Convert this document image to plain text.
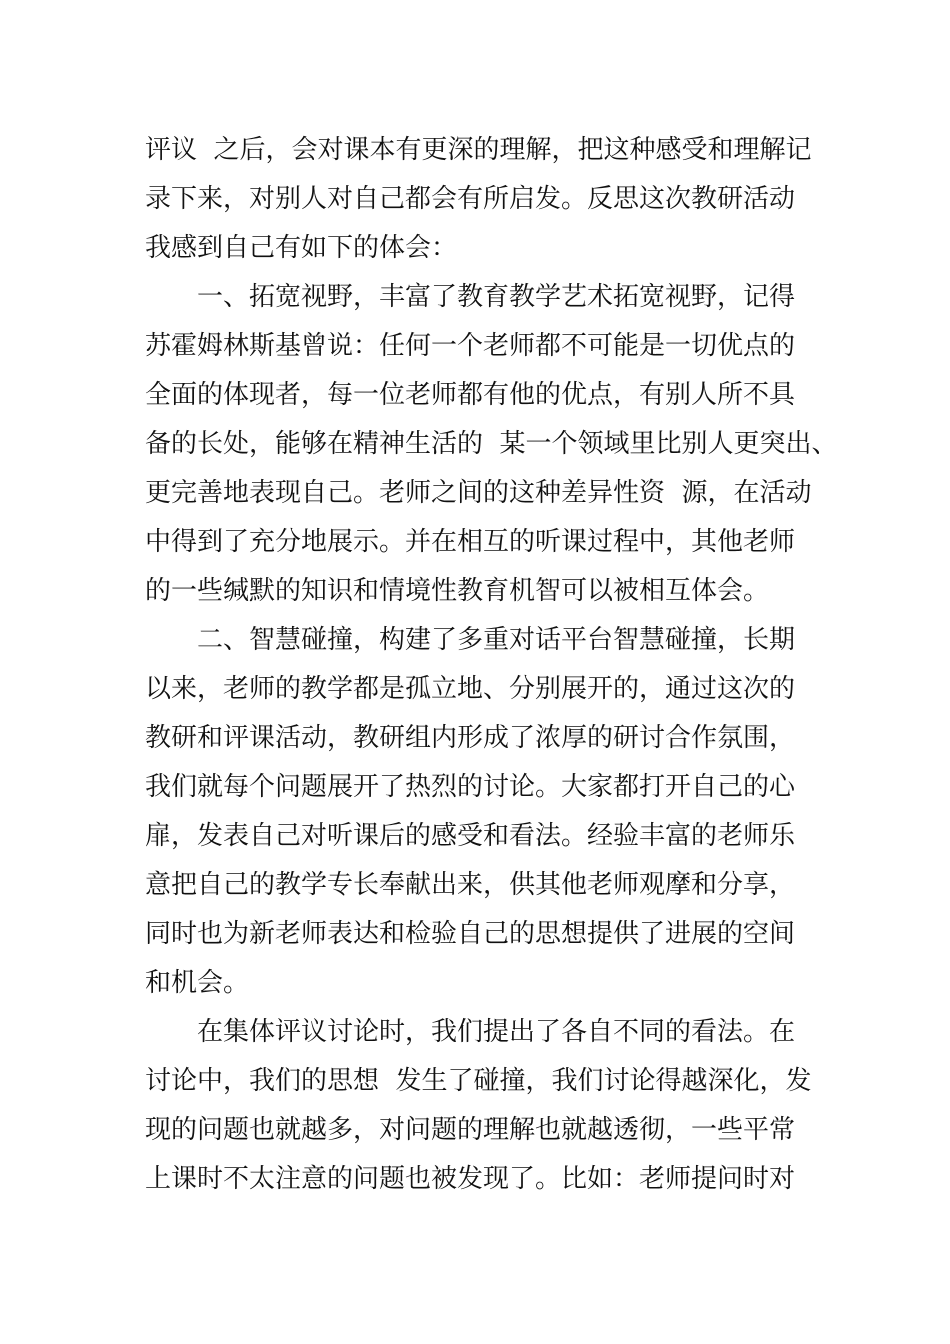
评议  之后，会对课本有更深的理解，把这种感受和理解记
录下来，对别人对自己都会有所启发。反思这次教研活动
我感到自己有如下的体会：
一、拓宽视野，丰富了教育教学艺术拓宽视野，记得
苏霍姆林斯基曾说：任何一个老师都不可能是一切优点的
全面的体现者，每一位老师都有他的优点，有别人所不具
备的长处，能够在精神生活的  某一个领域里比别人更突出、
更完善地表现自己。老师之间的这种差异性资  源，在活动
中得到了充分地展示。并在相互的听课过程中，其他老师
的一些缄默的知识和情境性教育机智可以被相互体会。
二、智慧碰撞，构建了多重对话平台智慧碰撞，长期
以来，老师的教学都是孤立地、分别展开的，通过这次的
教研和评课活动，教研组内形成了浓厚的研讨合作氛围，
我们就每个问题展开了热烈的讨论。大家都打开自己的心
扉，发表自己对听课后的感受和看法。经验丰富的老师乐
意把自己的教学专长奉献出来，供其他老师观摩和分享，
同时也为新老师表达和检验自己的思想提供了进展的空间
和机会。
在集体评议讨论时，我们提出了各自不同的看法。在
讨论中，我们的思想  发生了碰撞，我们讨论得越深化，发
现的问题也就越多，对问题的理解也就越透彻，一些平常
上课时不太注意的问题也被发现了。比如：老师提问时对
